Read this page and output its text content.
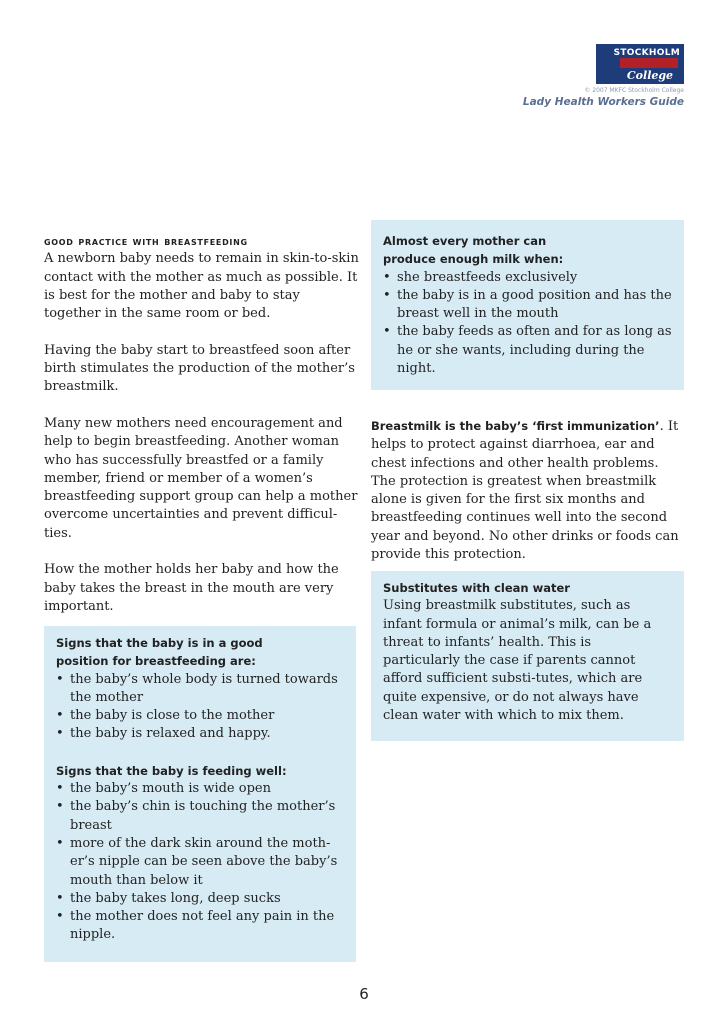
STOCKHOLM
College
© 2007 MKFC Stockholm College
Lady Health Workers Guide
good practice with breastfeeding

A newborn baby needs to remain in skin-to-skin contact with the mother as much as possible. It is best for the mother and baby to stay together in the same room or bed.

Having the baby start to breastfeed soon after birth stimulates the production of the mother’s breastmilk.

Many new mothers need encouragement and help to begin breastfeeding. Another woman who has successfully breastfed or a family member, friend or member of a women’s breastfeeding support group can help a mother overcome uncertainties and prevent difficul-ties.

How the mother holds her baby and how the baby takes the breast in the mouth are very important.

Signs that the baby is in a good position for breastfeeding are:

• the baby’s whole body is turned towards the mother
• the baby is close to the mother
• the baby is relaxed and happy.

Signs that the baby is feeding well:

• the baby’s mouth is wide open
• the baby’s chin is touching the mother’s breast
• more of the dark skin around the moth-er’s nipple can be seen above the baby’s mouth than below it
• the baby takes long, deep sucks
• the mother does not feel any pain in the nipple.

Almost every mother can produce enough milk when:

• she breastfeeds exclusively
• the baby is in a good position and has the breast well in the mouth
• the baby feeds as often and for as long as he or she wants, including during the night.
Breastmilk is the baby’s ‘first immunization’. It helps to protect against diarrhoea, ear and chest infections and other health problems. The protection is greatest when breastmilk alone is given for the first six months and breastfeeding continues well into the second year and beyond. No other drinks or foods can provide this protection.

Substitutes with clean water

Using breastmilk substitutes, such as infant formula or animal’s milk, can be a threat to infants’ health. This is particularly the case if parents cannot afford sufficient substi-tutes, which are quite expensive, or do not always have clean water with which to mix them.

6
